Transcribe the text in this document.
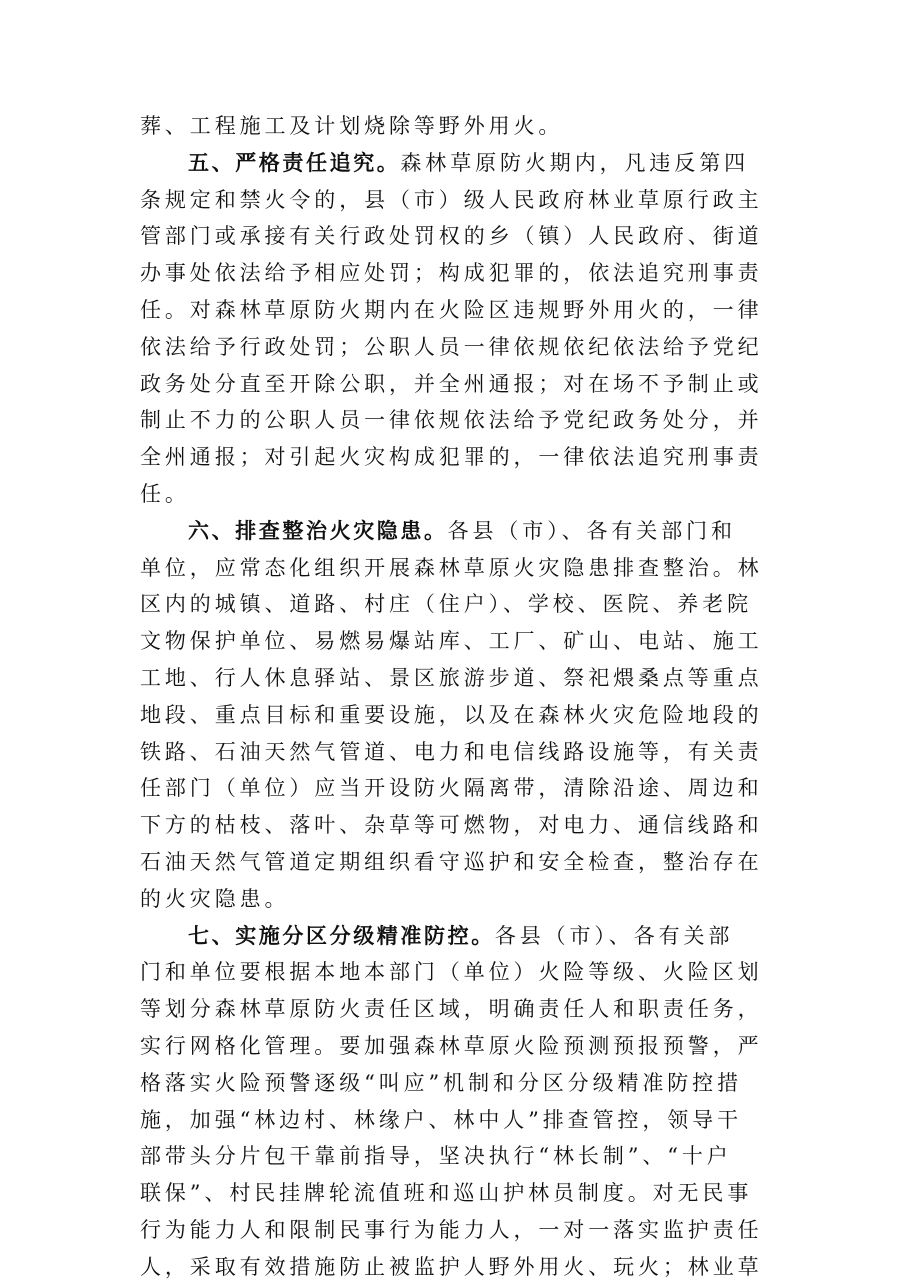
葬、工程施工及计划烧除等野外用火。
五、严格责任追究。森林草原防火期内，凡违反第四
条规定和禁火令的，县（市）级人民政府林业草原行政主
管部门或承接有关行政处罚权的乡（镇）人民政府、街道
办事处依法给予相应处罚；构成犯罪的，依法追究刑事责
任。对森林草原防火期内在火险区违规野外用火的，一律
依法给予行政处罚；公职人员一律依规依纪依法给予党纪
政务处分直至开除公职，并全州通报；对在场不予制止或
制止不力的公职人员一律依规依法给予党纪政务处分，并
全州通报；对引起火灾构成犯罪的，一律依法追究刑事责
任。
六、排查整治火灾隐患。各县（市）、各有关部门和
单位，应常态化组织开展森林草原火灾隐患排查整治。林
区内的城镇、道路、村庄（住户）、学校、医院、养老院
文物保护单位、易燃易爆站库、工厂、矿山、电站、施工
工地、行人休息驿站、景区旅游步道、祭祀煨桑点等重点
地段、重点目标和重要设施，以及在森林火灾危险地段的
铁路、石油天然气管道、电力和电信线路设施等，有关责
任部门（单位）应当开设防火隔离带，清除沿途、周边和
下方的枯枝、落叶、杂草等可燃物，对电力、通信线路和
石油天然气管道定期组织看守巡护和安全检查，整治存在
的火灾隐患。
七、实施分区分级精准防控。各县（市）、各有关部
门和单位要根据本地本部门（单位）火险等级、火险区划
等划分森林草原防火责任区域，明确责任人和职责任务，
实行网格化管理。要加强森林草原火险预测预报预警，严
格落实火险预警逐级“叫应”机制和分区分级精准防控措
施，加强“林边村、林缘户、林中人”排查管控，领导干
部带头分片包干靠前指导，坚决执行“林长制”、“十户
联保”、村民挂牌轮流值班和巡山护林员制度。对无民事
行为能力人和限制民事行为能力人，一对一落实监护责任
人，采取有效措施防止被监护人野外用火、玩火；林业草
